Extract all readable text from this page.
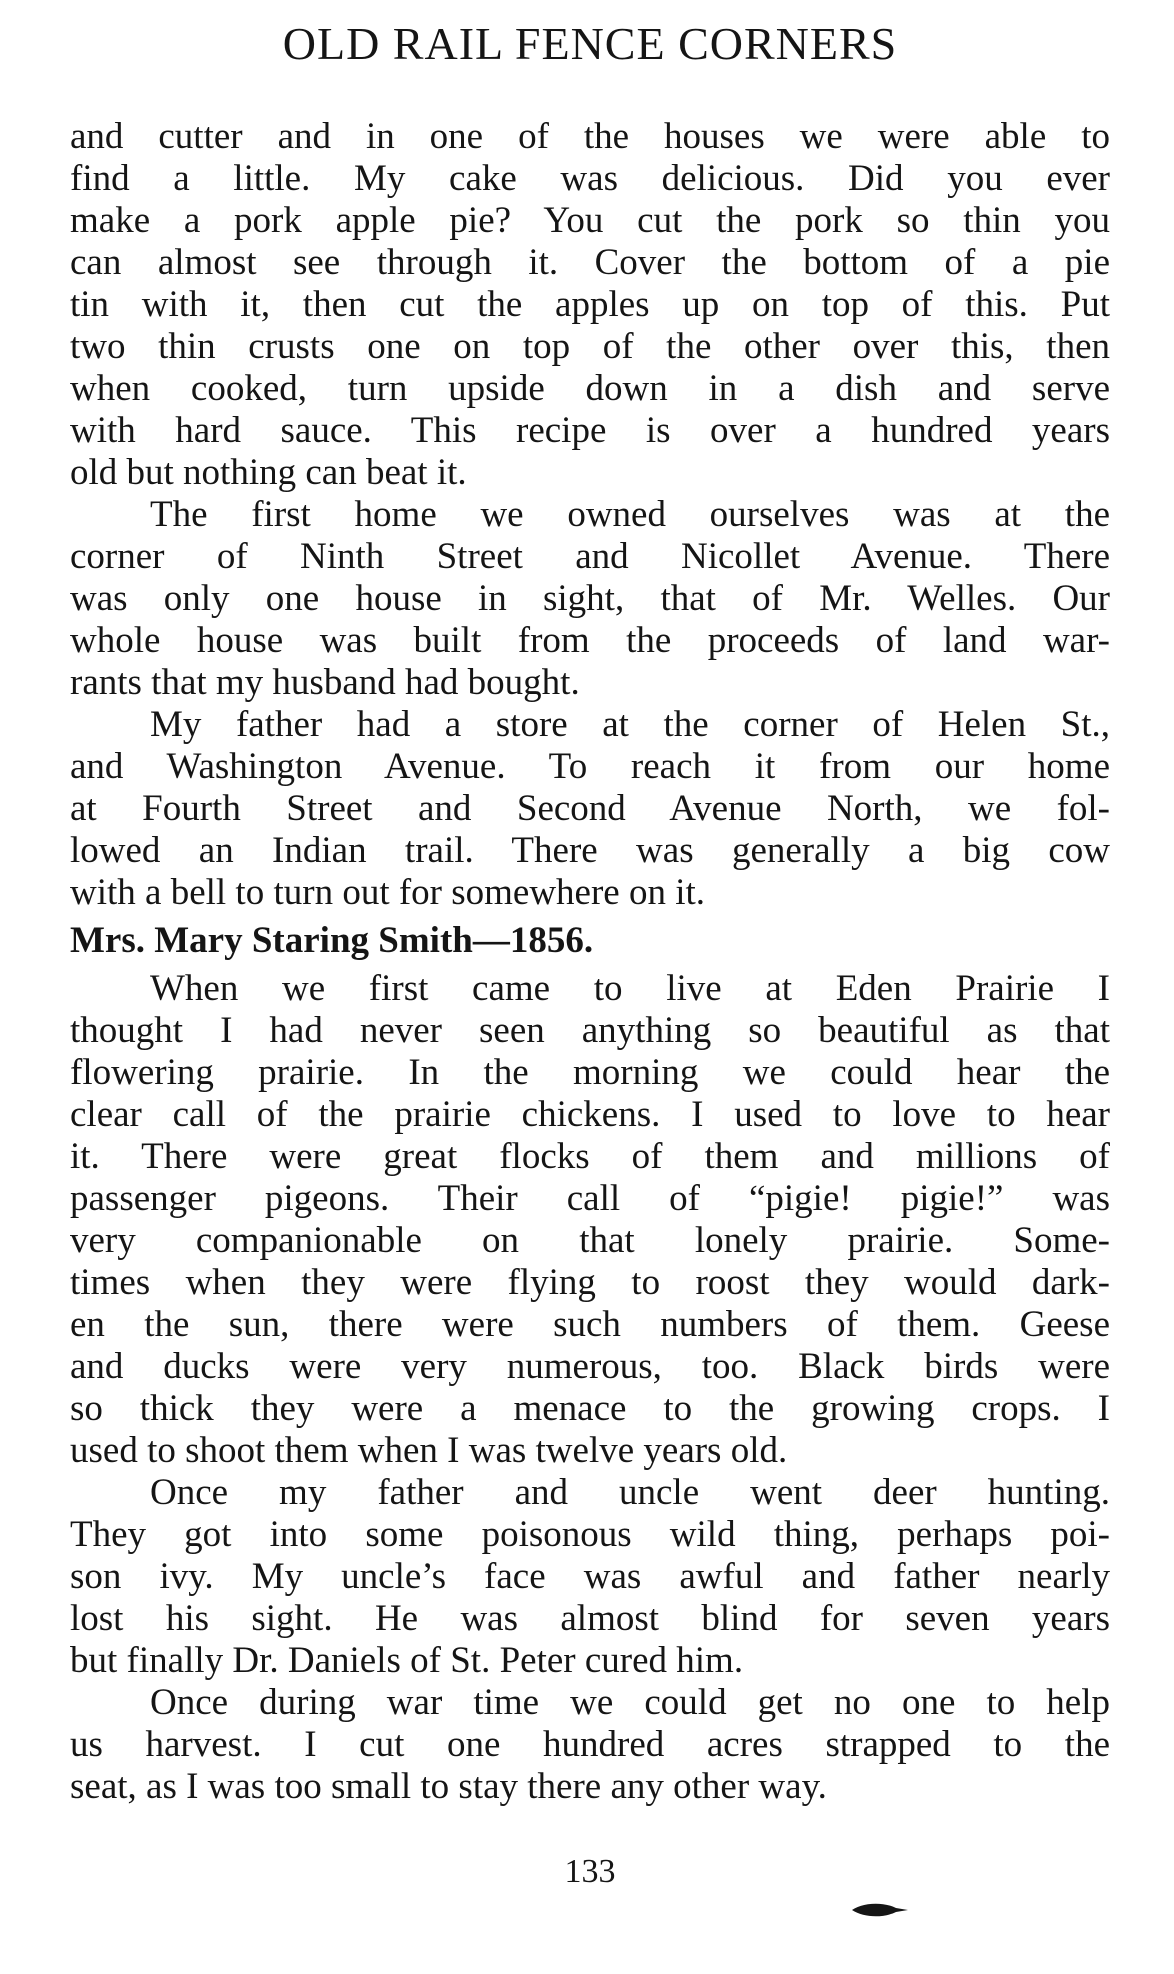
OLD RAIL FENCE CORNERS
and cutter and in one of the houses we were able to
find a little. My cake was delicious. Did you ever
make a pork apple pie? You cut the pork so thin you
can almost see through it. Cover the bottom of a pie
tin with it, then cut the apples up on top of this. Put
two thin crusts one on top of the other over this, then
when cooked, turn upside down in a dish and serve
with hard sauce. This recipe is over a hundred years
old but nothing can beat it.
The first home we owned ourselves was at the
corner of Ninth Street and Nicollet Avenue. There
was only one house in sight, that of Mr. Welles. Our
whole house was built from the proceeds of land war-
rants that my husband had bought.
My father had a store at the corner of Helen St.,
and Washington Avenue. To reach it from our home
at Fourth Street and Second Avenue North, we fol-
lowed an Indian trail. There was generally a big cow
with a bell to turn out for somewhere on it.
Mrs. Mary Staring Smith—1856.
When we first came to live at Eden Prairie I
thought I had never seen anything so beautiful as that
flowering prairie. In the morning we could hear the
clear call of the prairie chickens. I used to love to hear
it. There were great flocks of them and millions of
passenger pigeons. Their call of “pigie! pigie!” was
very companionable on that lonely prairie. Some-
times when they were flying to roost they would dark-
en the sun, there were such numbers of them. Geese
and ducks were very numerous, too. Black birds were
so thick they were a menace to the growing crops. I
used to shoot them when I was twelve years old.
Once my father and uncle went deer hunting.
They got into some poisonous wild thing, perhaps poi-
son ivy. My uncle’s face was awful and father nearly
lost his sight. He was almost blind for seven years
but finally Dr. Daniels of St. Peter cured him.
Once during war time we could get no one to help
us harvest. I cut one hundred acres strapped to the
seat, as I was too small to stay there any other way.
133
